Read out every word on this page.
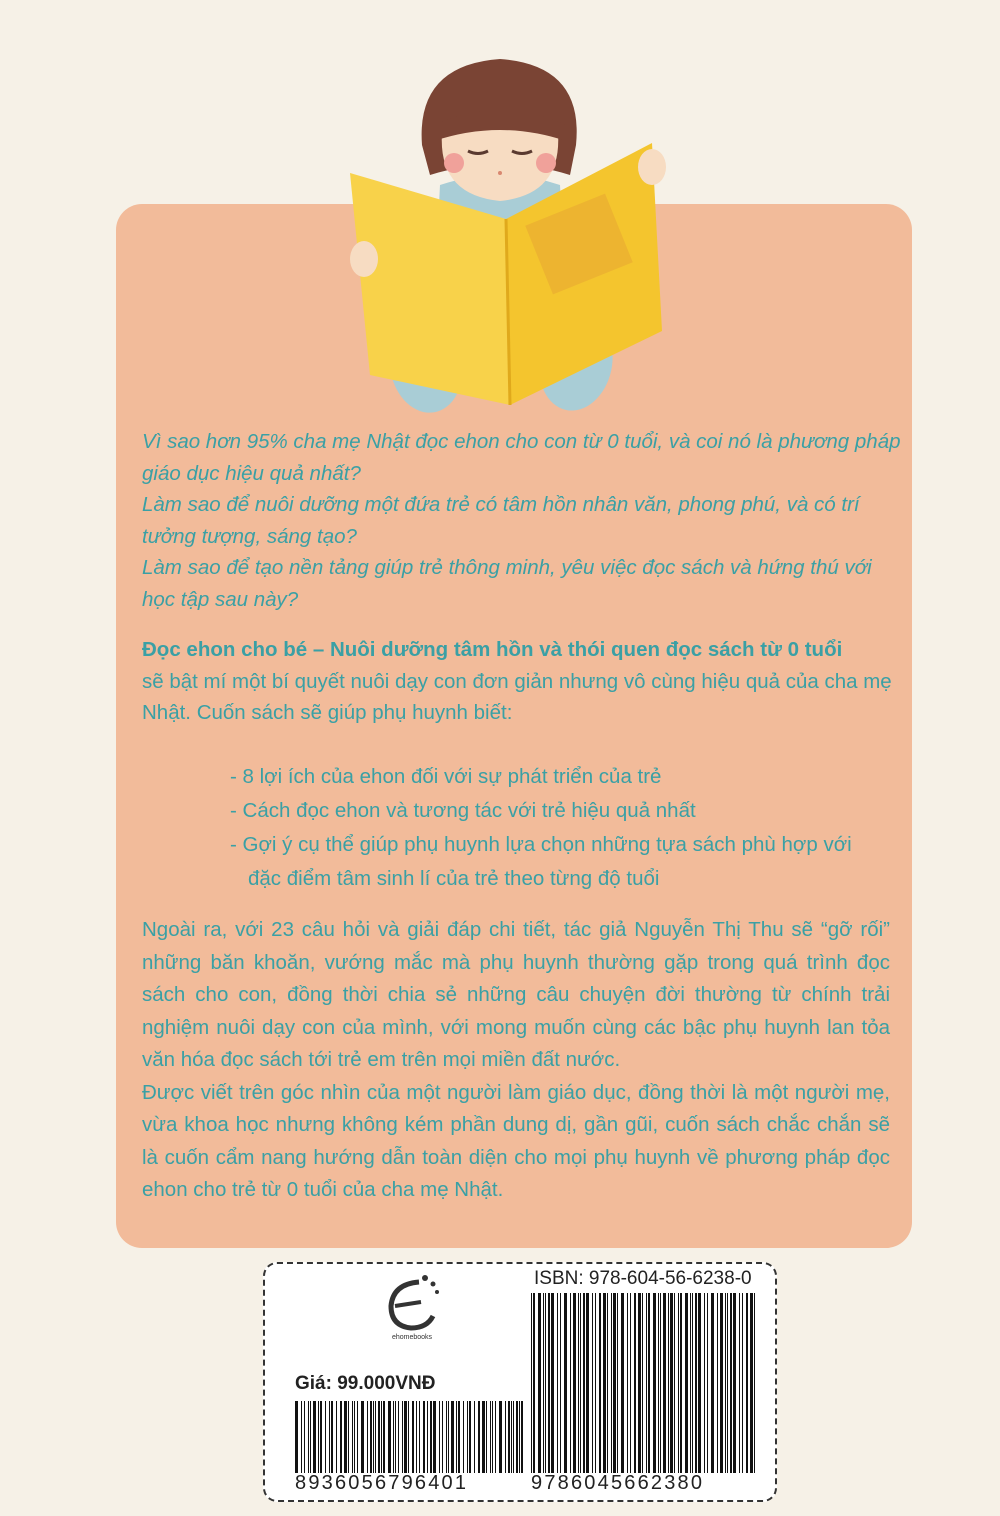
Vì sao hơn 95% cha mẹ Nhật đọc ehon cho con từ 0 tuổi, và coi nó là phương pháp giáo dục hiệu quả nhất?

Làm sao để nuôi dưỡng một đứa trẻ có tâm hồn nhân văn, phong phú, và có trí tưởng tượng, sáng tạo?

Làm sao để tạo nền tảng giúp trẻ thông minh, yêu việc đọc sách và hứng thú với học tập sau này?

Đọc ehon cho bé – Nuôi dưỡng tâm hồn và thói quen đọc sách từ 0 tuổi
sẽ bật mí một bí quyết nuôi dạy con đơn giản nhưng vô cùng hiệu quả của cha mẹ Nhật. Cuốn sách sẽ giúp phụ huynh biết:
- 8 lợi ích của ehon đối với sự phát triển của trẻ
- Cách đọc ehon và tương tác với trẻ hiệu quả nhất
- Gợi ý cụ thể giúp phụ huynh lựa chọn những tựa sách phù hợp với đặc điểm tâm sinh lí của trẻ theo từng độ tuổi

Ngoài ra, với 23 câu hỏi và giải đáp chi tiết, tác giả Nguyễn Thị Thu sẽ “gỡ rối” những băn khoăn, vướng mắc mà phụ huynh thường gặp trong quá trình đọc sách cho con, đồng thời chia sẻ những câu chuyện đời thường từ chính trải nghiệm nuôi dạy con của mình, với mong muốn cùng các bậc phụ huynh lan tỏa văn hóa đọc sách tới trẻ em trên mọi miền đất nước.

Được viết trên góc nhìn của một người làm giáo dục, đồng thời là một người mẹ, vừa khoa học nhưng không kém phần dung dị, gần gũi, cuốn sách chắc chắn sẽ là cuốn cẩm nang hướng dẫn toàn diện cho mọi phụ huynh về phương pháp đọc ehon cho trẻ từ 0 tuổi của cha mẹ Nhật.

ehomebooks
ISBN: 978-604-56-6238-0
Giá: 99.000VNĐ
8936056796401	9786045662380
